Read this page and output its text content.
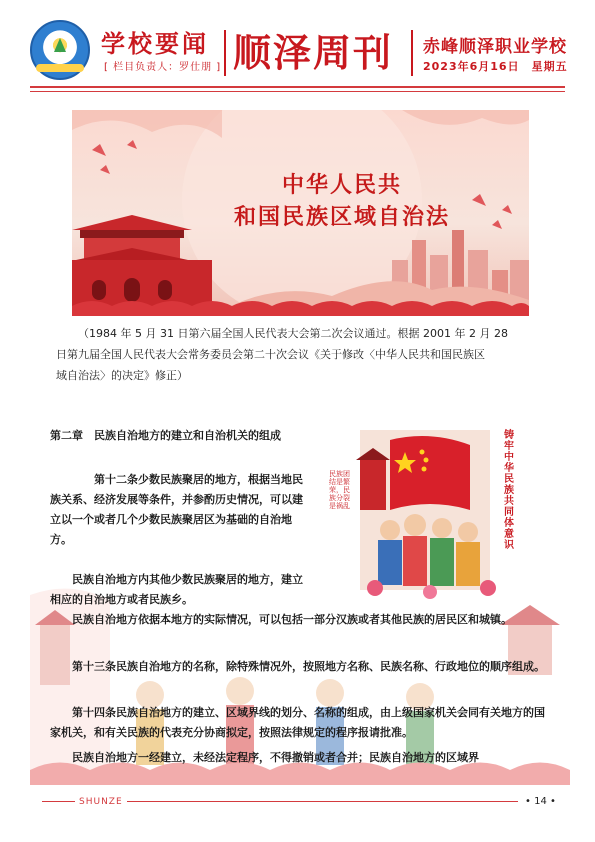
学校要闻
[ 栏目负责人：罗仕朋 ] 顺泽周刊 赤峰顺泽职业学校
2023年6月16日　星期五
中华人民共
和国民族区域自治法
（1984 年 5 月 31 日第六届全国人民代表大会第二次会议通过。根据 2001 年 2 月 28
日第九届全国人民代表大会常务委员会第二十次会议《关于修改〈中华人民共和国民族区
域自治法〉的决定》修正）
铸牢中华民族共同体意识
民族团结是繁荣，民族分裂是祸乱
第二章　民族自治地方的建立和自治机关的组成
第十二条少数民族聚居的地方，根据当地民族关系、经济发展等条件，并参酌历史情况，可以建立以一个或者几个少数民族聚居区为基础的自治地方。
民族自治地方内其他少数民族聚居的地方，建立相应的自治地方或者民族乡。
民族自治地方依据本地方的实际情况，可以包括一部分汉族或者其他民族的居民区和城镇。
第十三条民族自治地方的名称，除特殊情况外，按照地方名称、民族名称、行政地位的顺序组成。
第十四条民族自治地方的建立、区域界线的划分、名称的组成，由上级国家机关会同有关地方的国家机关，和有关民族的代表充分协商拟定，按照法律规定的程序报请批准。
民族自治地方一经建立，未经法定程序，不得撤销或者合并；民族自治地方的区域界
SHUNZE	• 14 •
